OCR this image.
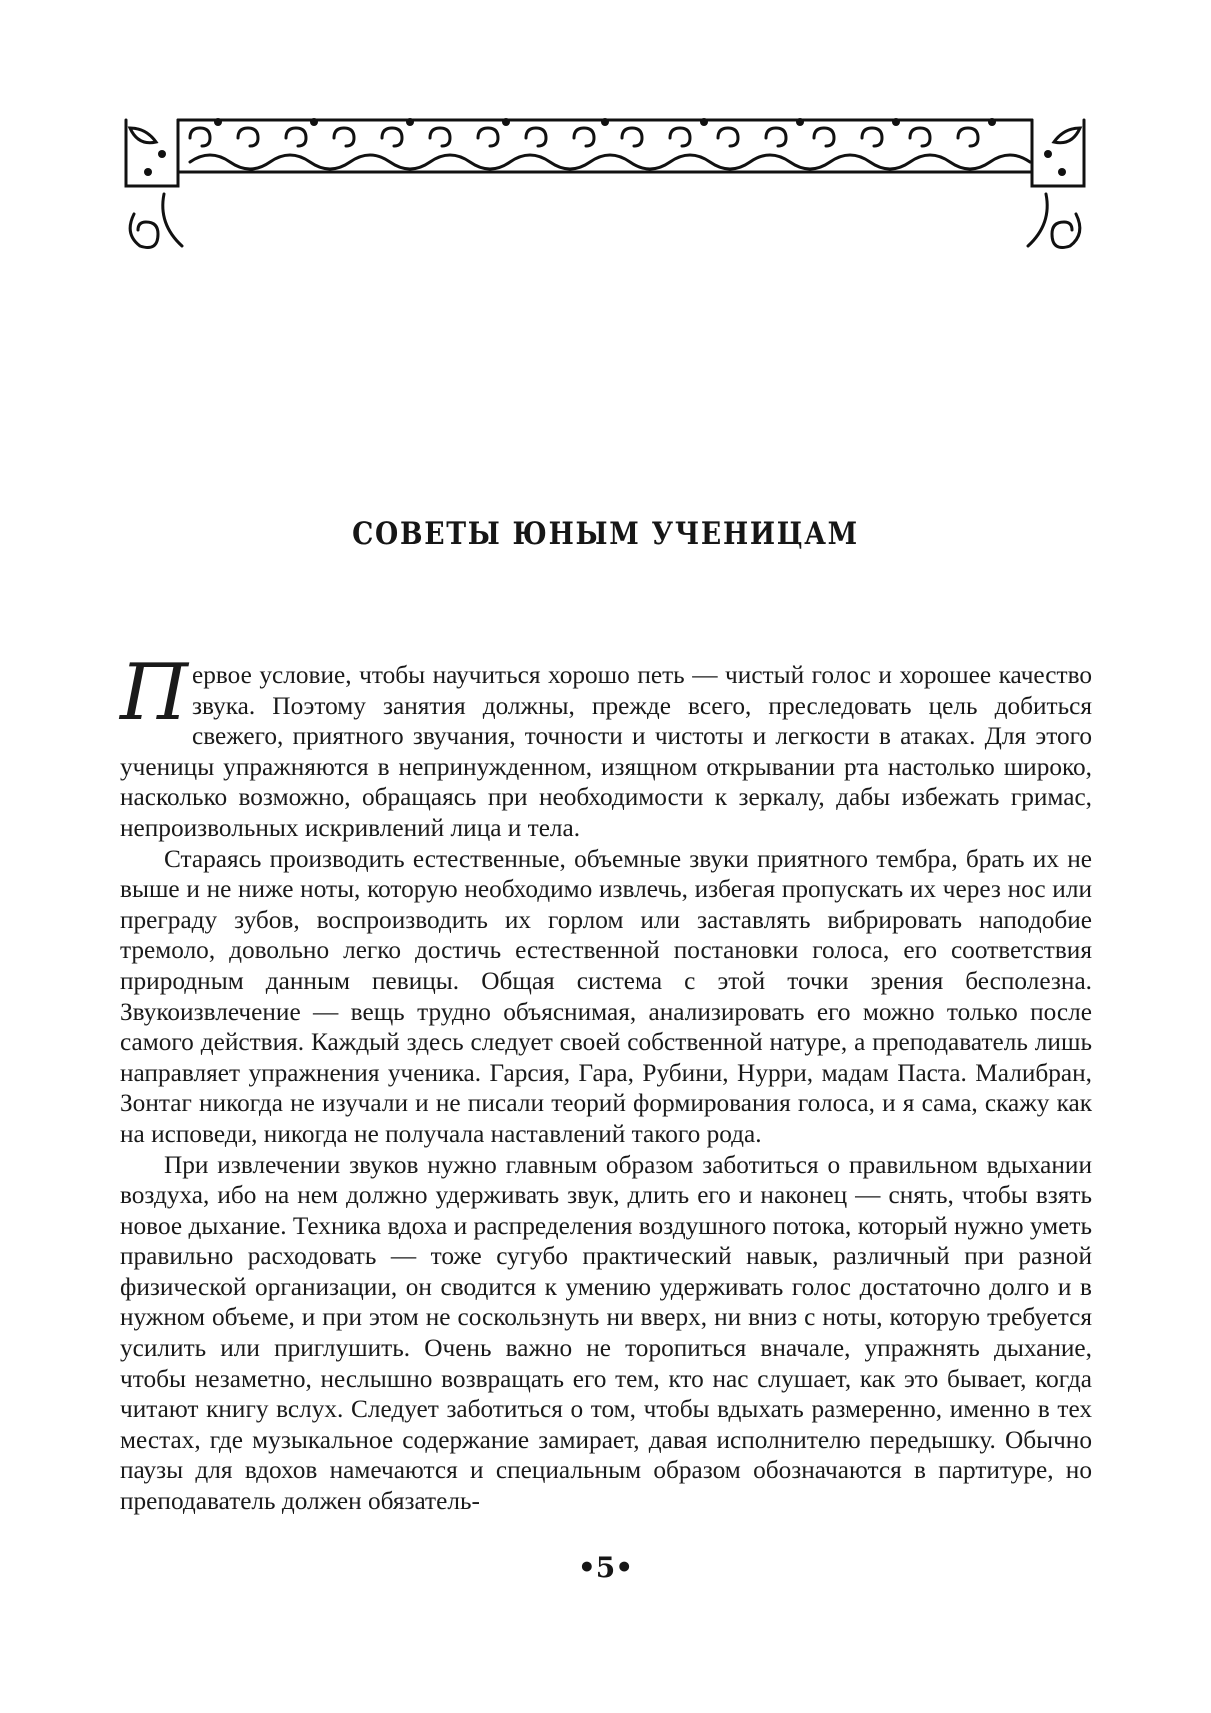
СОВЕТЫ ЮНЫМ УЧЕНИЦАМ

Первое условие, чтобы научиться хорошо петь — чистый голос и хорошее качество звука. Поэтому занятия должны, прежде всего, преследовать цель добиться свежего, приятного звучания, точности и чистоты и легкости в атаках. Для этого ученицы упражняются в непринужденном, изящном открывании рта настолько широко, насколько возможно, обращаясь при необходимости к зеркалу, дабы избежать гримас, непроизвольных искривлений лица и тела.

Стараясь производить естественные, объемные звуки приятного тембра, брать их не выше и не ниже ноты, которую необходимо извлечь, избегая пропускать их через нос или преграду зубов, воспроизводить их горлом или заставлять вибрировать наподобие тремоло, довольно легко достичь естественной постановки голоса, его соответствия природным данным певицы. Общая система с этой точки зрения бесполезна. Звукоизвлечение — вещь трудно объяснимая, анализировать его можно только после самого действия. Каждый здесь следует своей собственной натуре, а преподаватель лишь направляет упражнения ученика. Гарсия, Гара, Рубини, Нурри, мадам Паста. Малибран, Зонтаг никогда не изучали и не писали теорий формирования голоса, и я сама, скажу как на исповеди, никогда не получала наставлений такого рода.

При извлечении звуков нужно главным образом заботиться о правильном вдыхании воздуха, ибо на нем должно удерживать звук, длить его и наконец — снять, чтобы взять новое дыхание. Техника вдоха и распределения воздушного потока, который нужно уметь правильно расходовать — тоже сугубо практический навык, различный при разной физической организации, он сводится к умению удерживать голос достаточно долго и в нужном объеме, и при этом не соскользнуть ни вверх, ни вниз с ноты, которую требуется усилить или приглушить. Очень важно не торопиться вначале, упражнять дыхание, чтобы незаметно, неслышно возвращать его тем, кто нас слушает, как это бывает, когда читают книгу вслух. Следует заботиться о том, чтобы вдыхать размеренно, именно в тех местах, где музыкальное содержание замирает, давая исполнителю передышку. Обычно паузы для вдохов намечаются и специальным образом обозначаются в партитуре, но преподаватель должен обязатель-

•5•
